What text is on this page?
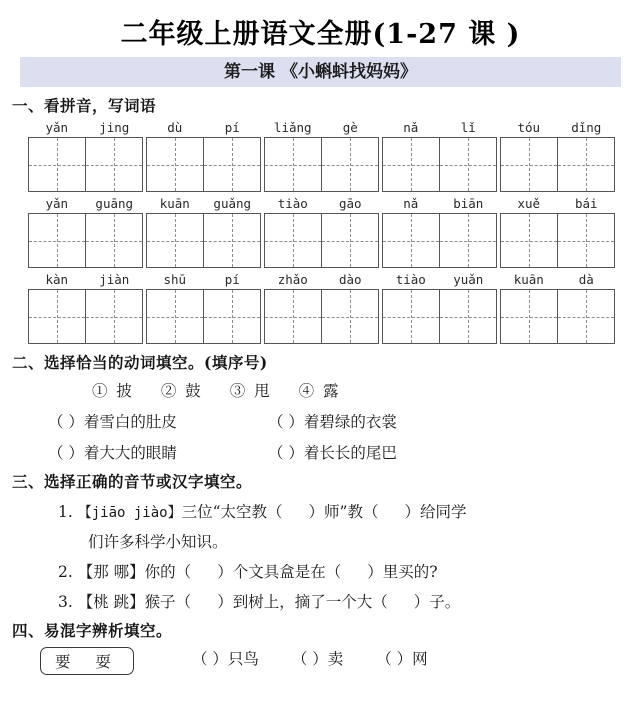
二年级上册语文全册(1-27 课 )
第一课 《小蝌蚪找妈妈》
一、看拼音，写词语
yǎn	jing	dù	pí	liǎng	gè	nǎ	lǐ	tóu	dǐng
yǎn	guāng	kuān	guǎng	tiào	gāo	nǎ	biān	xuě	bái
kàn	jiàn	shū	pí	zhǎo	dào	tiào	yuǎn	kuān	dà
二、选择恰当的动词填空。(填序号)
① 披 ② 鼓 ③ 甩 ④ 露
（ ）着雪白的肚皮	（ ）着碧绿的衣裳
（ ）着大大的眼睛	（ ）着长长的尾巴
三、选择正确的音节或汉字填空。
1. 【jiāo jiào】三位“太空教（ ）师”教（ ）给同学
们许多科学小知识。
2. 【那 哪】你的（ ）个文具盒是在（ ）里买的?
3. 【桃 跳】猴子（ ）到树上，摘了一个大（ ）子。
四、易混字辨析填空。
要 耍	（ ）只鸟 （ ）卖 （ ）网
